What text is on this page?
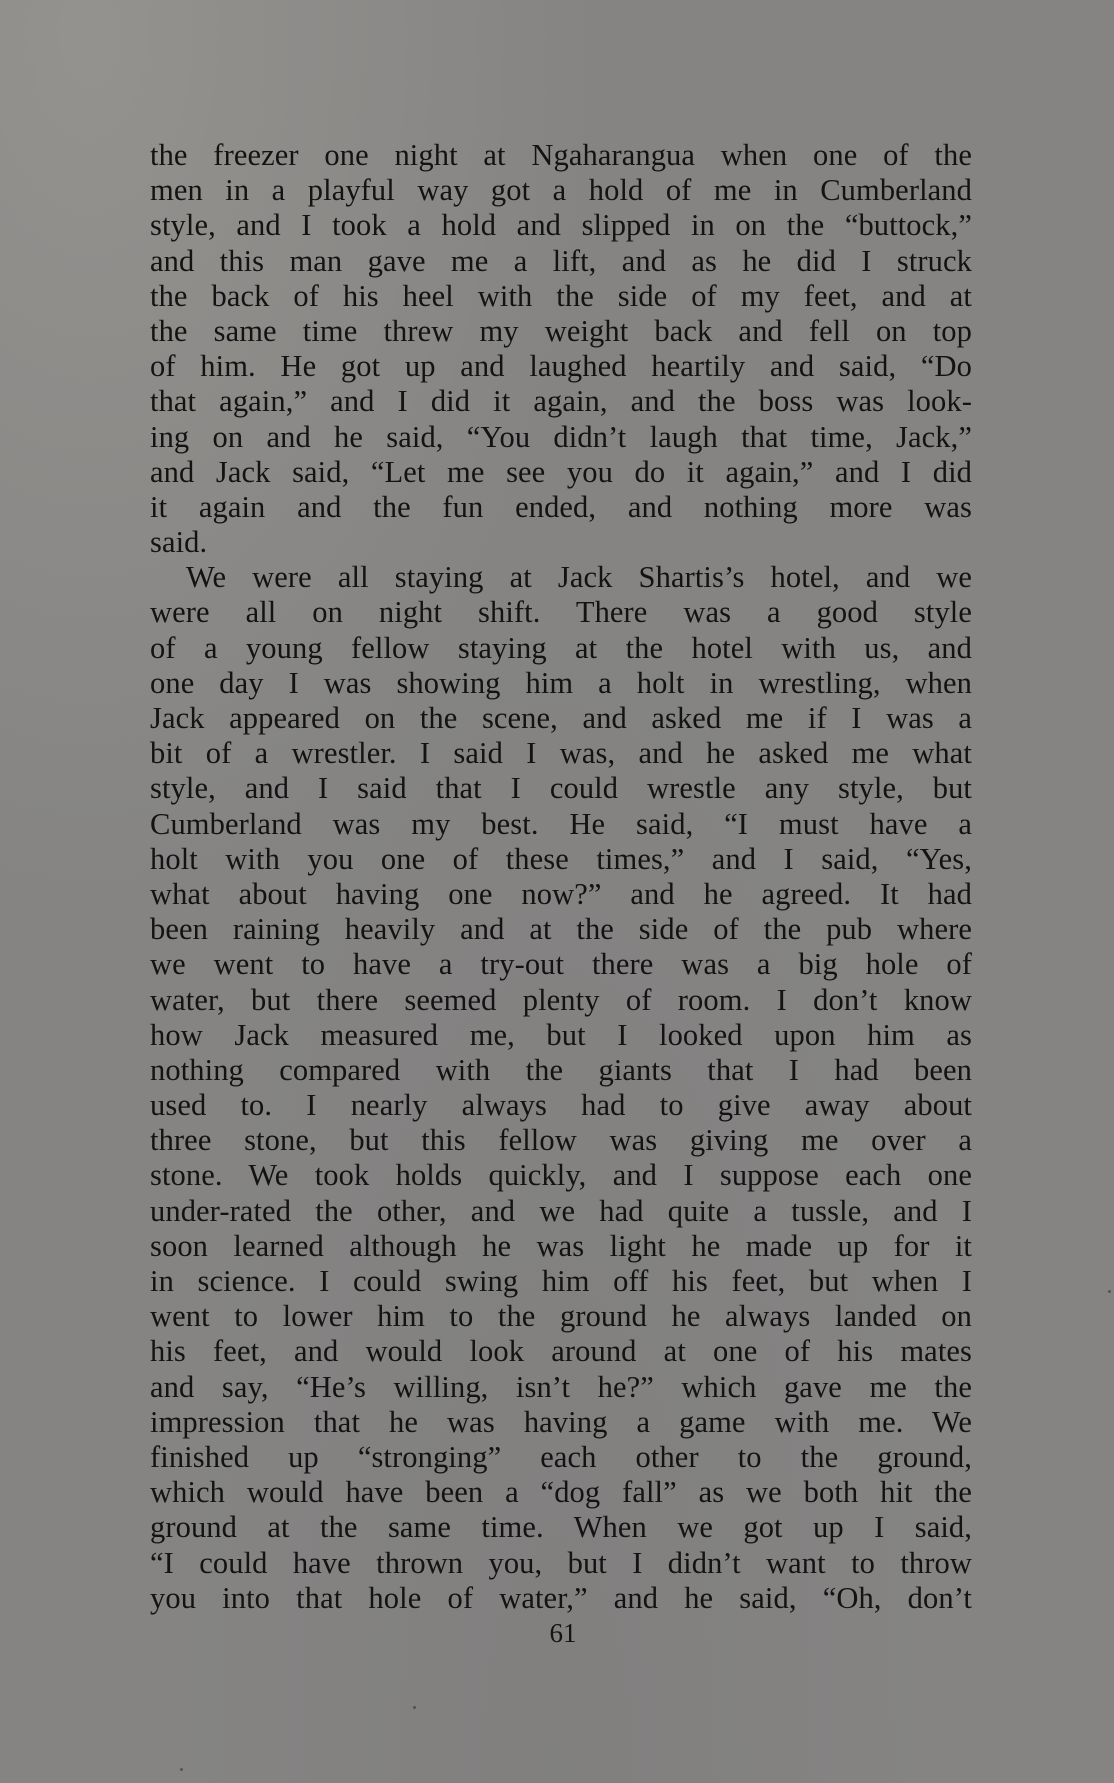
the freezer one night at Ngaharangua when one of the
men in a playful way got a hold of me in Cumberland
style, and I took a hold and slipped in on the “buttock,”
and this man gave me a lift, and as he did I struck
the back of his heel with the side of my feet, and at
the same time threw my weight back and fell on top
of him. He got up and laughed heartily and said, “Do
that again,” and I did it again, and the boss was look-
ing on and he said, “You didn’t laugh that time, Jack,”
and Jack said, “Let me see you do it again,” and I did
it again and the fun ended, and nothing more was
said.
We were all staying at Jack Shartis’s hotel, and we
were all on night shift. There was a good style
of a young fellow staying at the hotel with us, and
one day I was showing him a holt in wrestling, when
Jack appeared on the scene, and asked me if I was a
bit of a wrestler. I said I was, and he asked me what
style, and I said that I could wrestle any style, but
Cumberland was my best. He said, “I must have a
holt with you one of these times,” and I said, “Yes,
what about having one now?” and he agreed. It had
been raining heavily and at the side of the pub where
we went to have a try-out there was a big hole of
water, but there seemed plenty of room. I don’t know
how Jack measured me, but I looked upon him as
nothing compared with the giants that I had been
used to. I nearly always had to give away about
three stone, but this fellow was giving me over a
stone. We took holds quickly, and I suppose each one
under-rated the other, and we had quite a tussle, and I
soon learned although he was light he made up for it
in science. I could swing him off his feet, but when I
went to lower him to the ground he always landed on
his feet, and would look around at one of his mates
and say, “He’s willing, isn’t he?” which gave me the
impression that he was having a game with me. We
finished up “stronging” each other to the ground,
which would have been a “dog fall” as we both hit the
ground at the same time. When we got up I said,
“I could have thrown you, but I didn’t want to throw
you into that hole of water,” and he said, “Oh, don’t
61
